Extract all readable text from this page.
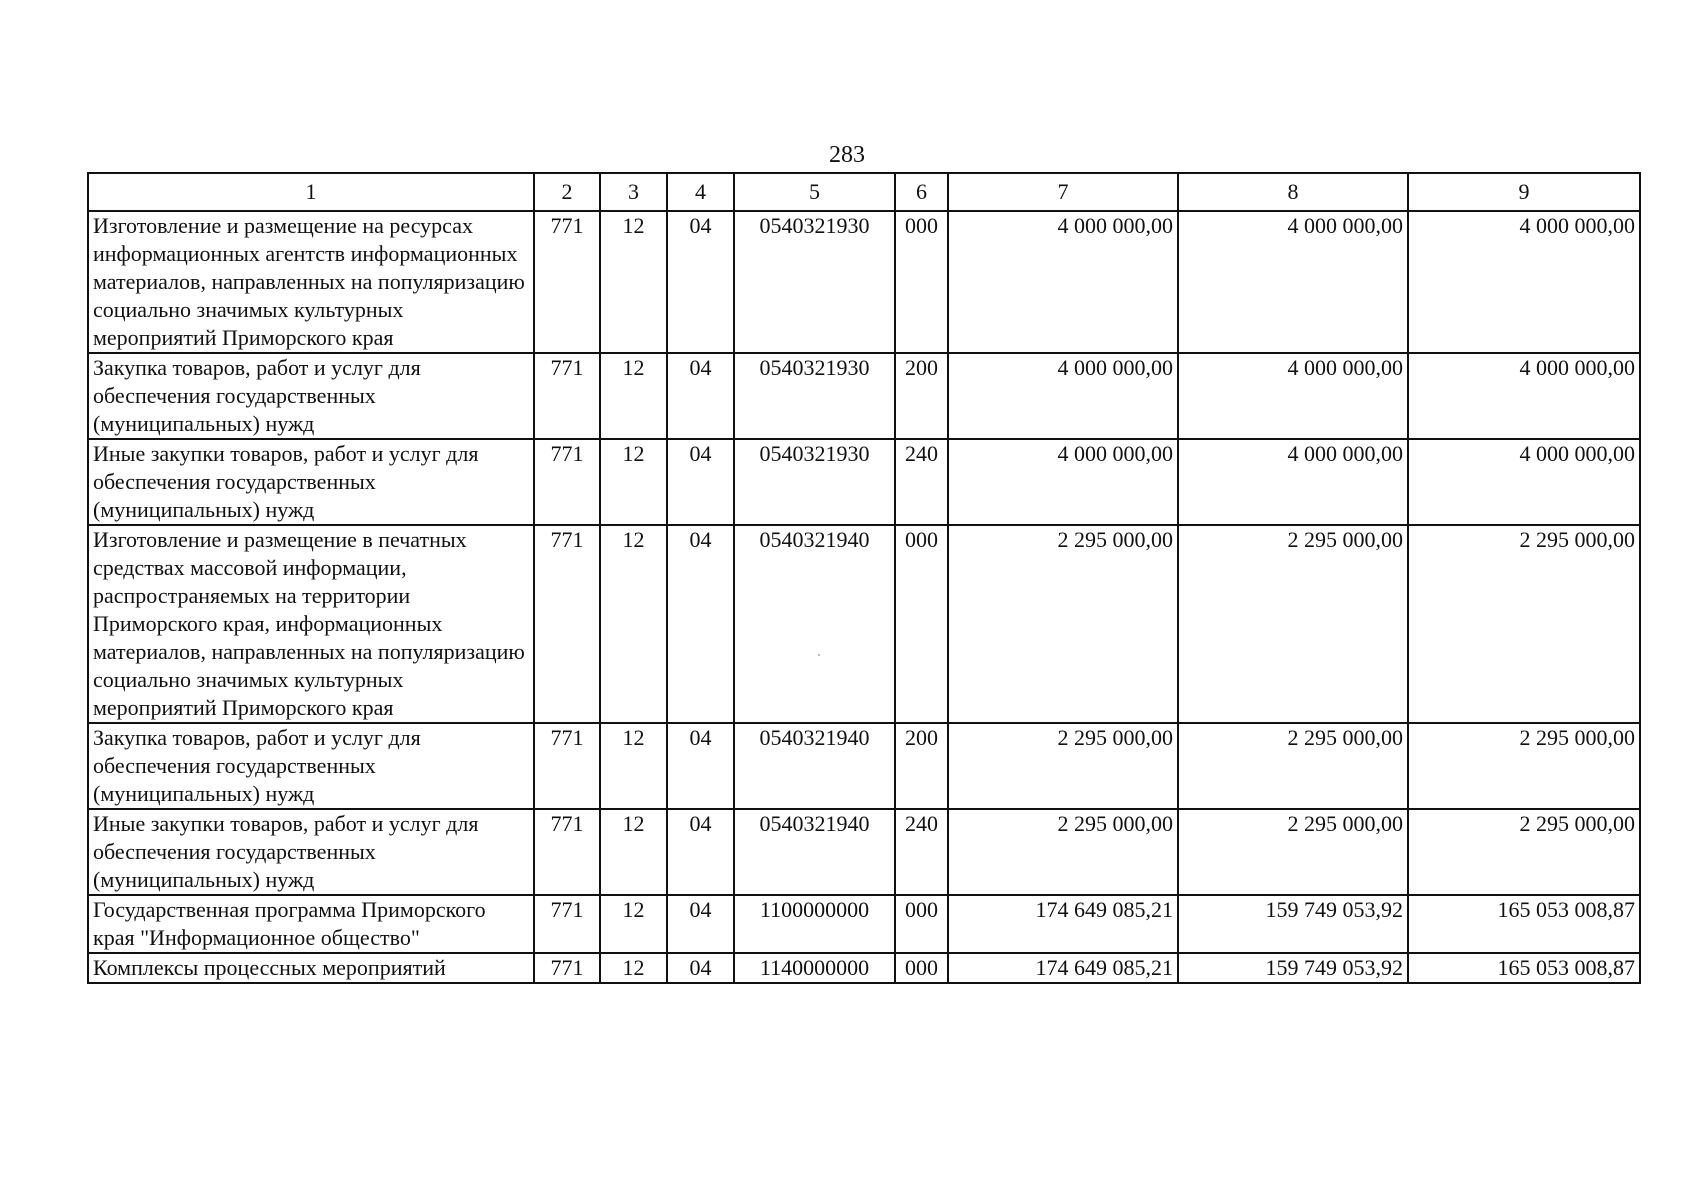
283
1	2	3	4	5	6	7	8	9
Изготовление и размещение на ресурсах информационных агентств информационных материалов, направленных на популяризацию социально значимых культурных мероприятий Приморского края	771	12	04	0540321930	000	4 000 000,00	4 000 000,00	4 000 000,00
Закупка товаров, работ и услуг для обеспечения государственных (муниципальных) нужд	771	12	04	0540321930	200	4 000 000,00	4 000 000,00	4 000 000,00
Иные закупки товаров, работ и услуг для обеспечения государственных (муниципальных) нужд	771	12	04	0540321930	240	4 000 000,00	4 000 000,00	4 000 000,00
Изготовление и размещение в печатных средствах массовой информации, распространяемых на территории Приморского края, информационных материалов, направленных на популяризацию социально значимых культурных мероприятий Приморского края	771	12	04	0540321940	000	2 295 000,00	2 295 000,00	2 295 000,00
Закупка товаров, работ и услуг для обеспечения государственных (муниципальных) нужд	771	12	04	0540321940	200	2 295 000,00	2 295 000,00	2 295 000,00
Иные закупки товаров, работ и услуг для обеспечения государственных (муниципальных) нужд	771	12	04	0540321940	240	2 295 000,00	2 295 000,00	2 295 000,00
Государственная программа Приморского края "Информационное общество"	771	12	04	1100000000	000	174 649 085,21	159 749 053,92	165 053 008,87
Комплексы процессных мероприятий	771	12	04	1140000000	000	174 649 085,21	159 749 053,92	165 053 008,87
